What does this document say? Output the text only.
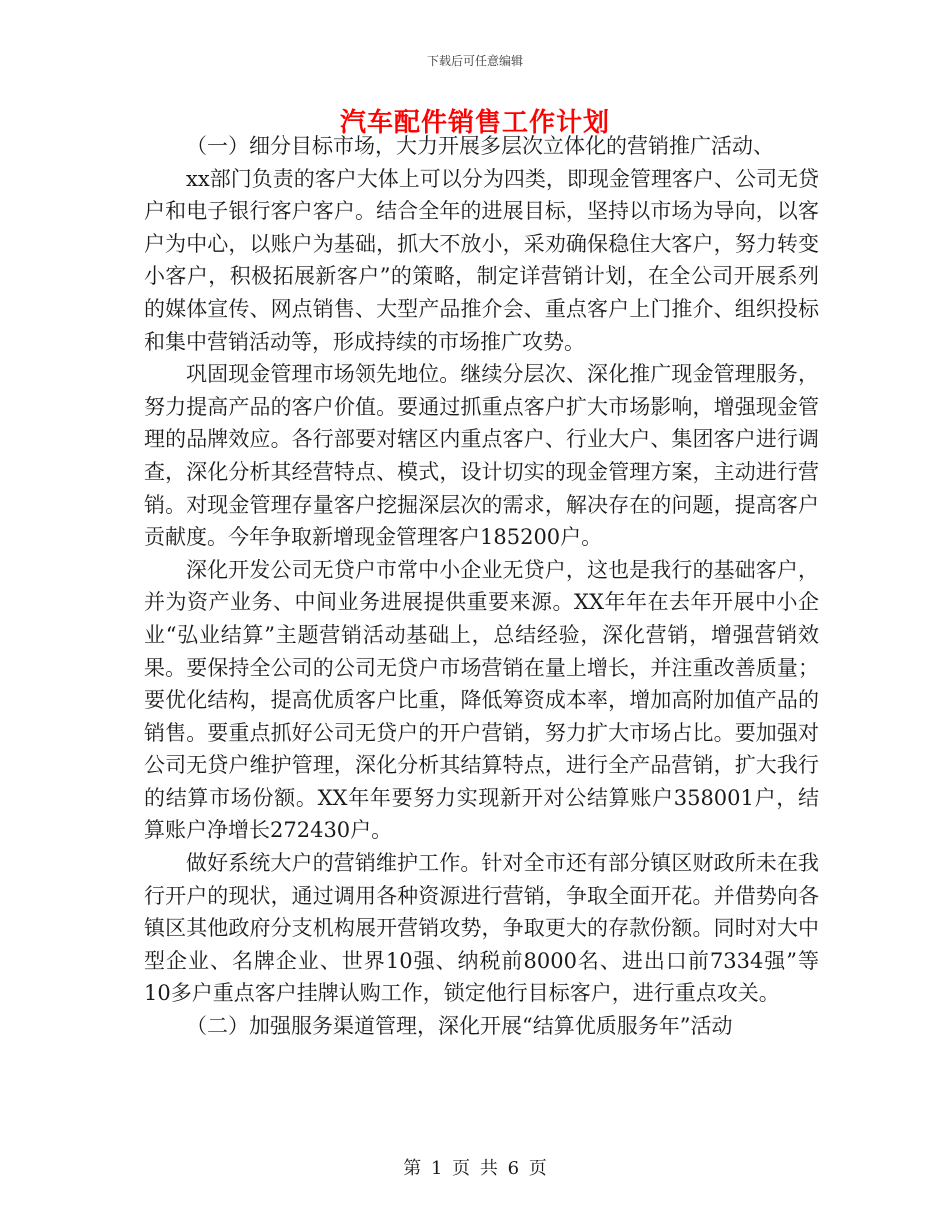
下载后可任意编辑
汽车配件销售工作计划

（一）细分目标市场，大力开展多层次立体化的营销推广活动、

xx部门负责的客户大体上可以分为四类，即现金管理客户、公司无贷户和电子银行客户客户。结合全年的进展目标，坚持以市场为导向，以客户为中心，以账户为基础，抓大不放小，采劝确保稳住大客户，努力转变小客户，积极拓展新客户”的策略，制定详营销计划，在全公司开展系列的媒体宣传、网点销售、大型产品推介会、重点客户上门推介、组织投标和集中营销活动等，形成持续的市场推广攻势。

巩固现金管理市场领先地位。继续分层次、深化推广现金管理服务，努力提高产品的客户价值。要通过抓重点客户扩大市场影响，增强现金管理的品牌效应。各行部要对辖区内重点客户、行业大户、集团客户进行调查，深化分析其经营特点、模式，设计切实的现金管理方案，主动进行营销。对现金管理存量客户挖掘深层次的需求，解决存在的问题，提高客户贡献度。今年争取新增现金管理客户185200户。

深化开发公司无贷户市常中小企业无贷户，这也是我行的基础客户，并为资产业务、中间业务进展提供重要来源。XX年年在去年开展中小企业“弘业结算”主题营销活动基础上，总结经验，深化营销，增强营销效果。要保持全公司的公司无贷户市场营销在量上增长，并注重改善质量；要优化结构，提高优质客户比重，降低筹资成本率，增加高附加值产品的销售。要重点抓好公司无贷户的开户营销，努力扩大市场占比。要加强对公司无贷户维护管理，深化分析其结算特点，进行全产品营销，扩大我行的结算市场份额。XX年年要努力实现新开对公结算账户358001户，结算账户净增长272430户。

做好系统大户的营销维护工作。针对全市还有部分镇区财政所未在我行开户的现状，通过调用各种资源进行营销，争取全面开花。并借势向各镇区其他政府分支机构展开营销攻势，争取更大的存款份额。同时对大中型企业、名牌企业、世界10强、纳税前8000名、进出口前7334强”等10多户重点客户挂牌认购工作，锁定他行目标客户，进行重点攻关。

（二）加强服务渠道管理，深化开展“结算优质服务年”活动

第 1 页 共 6 页
